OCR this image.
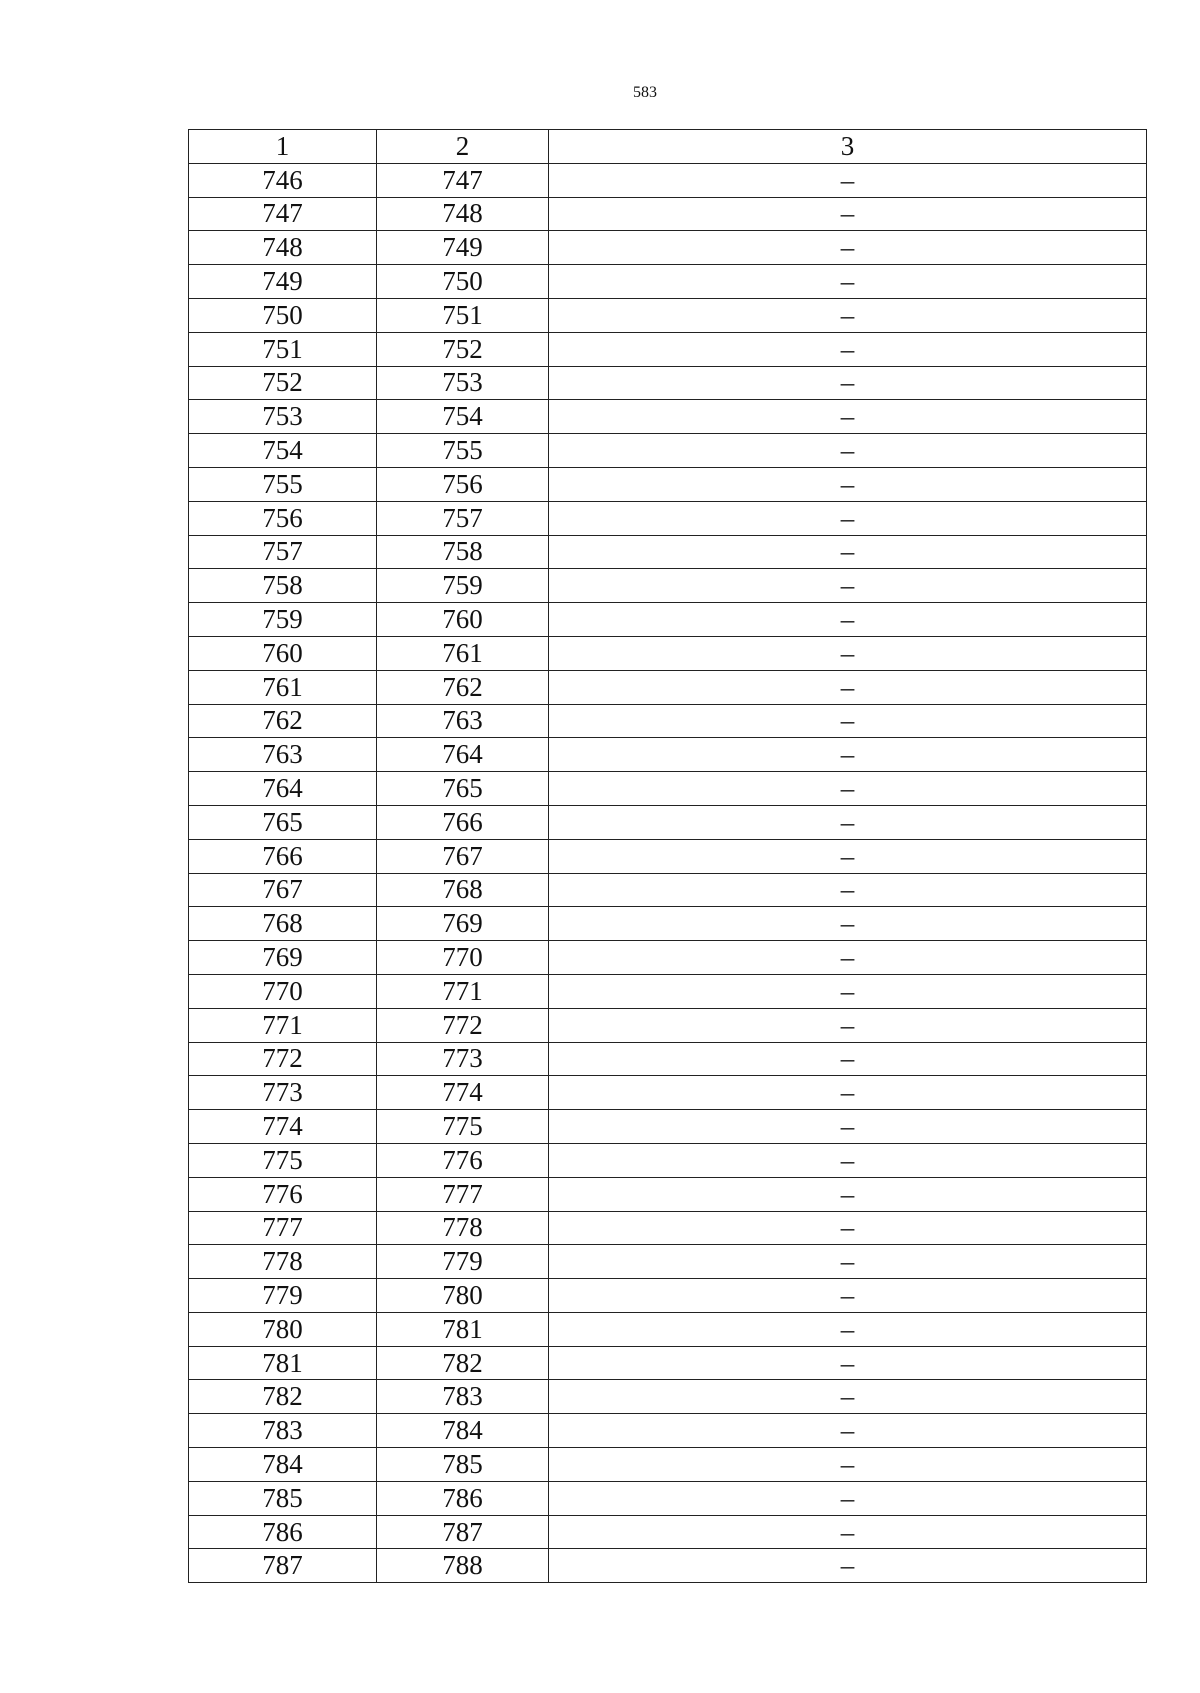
583
1	2	3
746	747	–
747	748	–
748	749	–
749	750	–
750	751	–
751	752	–
752	753	–
753	754	–
754	755	–
755	756	–
756	757	–
757	758	–
758	759	–
759	760	–
760	761	–
761	762	–
762	763	–
763	764	–
764	765	–
765	766	–
766	767	–
767	768	–
768	769	–
769	770	–
770	771	–
771	772	–
772	773	–
773	774	–
774	775	–
775	776	–
776	777	–
777	778	–
778	779	–
779	780	–
780	781	–
781	782	–
782	783	–
783	784	–
784	785	–
785	786	–
786	787	–
787	788	–
